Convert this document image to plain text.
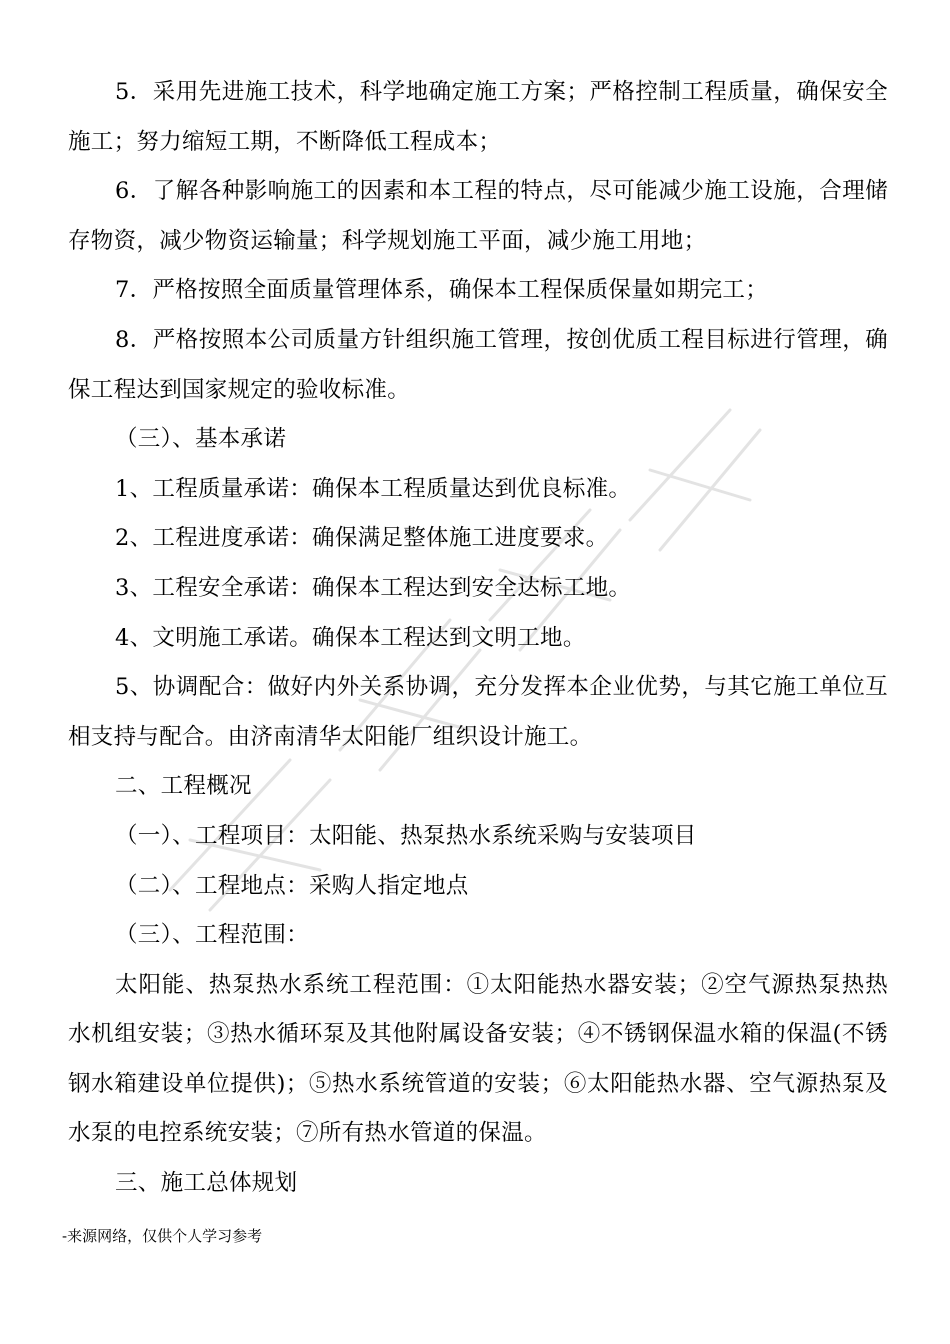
5．采用先进施工技术，科学地确定施工方案；严格控制工程质量，确保安全施工；努力缩短工期，不断降低工程成本；

6．了解各种影响施工的因素和本工程的特点，尽可能减少施工设施，合理储存物资，减少物资运输量；科学规划施工平面，减少施工用地；

7．严格按照全面质量管理体系，确保本工程保质保量如期完工；

8．严格按照本公司质量方针组织施工管理，按创优质工程目标进行管理，确保工程达到国家规定的验收标准。

（三）、基本承诺

1、工程质量承诺：确保本工程质量达到优良标准。

2、工程进度承诺：确保满足整体施工进度要求。

3、工程安全承诺：确保本工程达到安全达标工地。

4、文明施工承诺。确保本工程达到文明工地。

5、协调配合：做好内外关系协调，充分发挥本企业优势，与其它施工单位互相支持与配合。由济南清华太阳能厂组织设计施工。

二、工程概况

（一）、工程项目：太阳能、热泵热水系统采购与安装项目

（二）、工程地点：采购人指定地点

（三）、工程范围：

太阳能、热泵热水系统工程范围：①太阳能热水器安装；②空气源热泵热热水机组安装；③热水循环泵及其他附属设备安装；④不锈钢保温水箱的保温(不锈钢水箱建设单位提供)；⑤热水系统管道的安装；⑥太阳能热水器、空气源热泵及水泵的电控系统安装；⑦所有热水管道的保温。

三、施工总体规划

-来源网络，仅供个人学习参考
